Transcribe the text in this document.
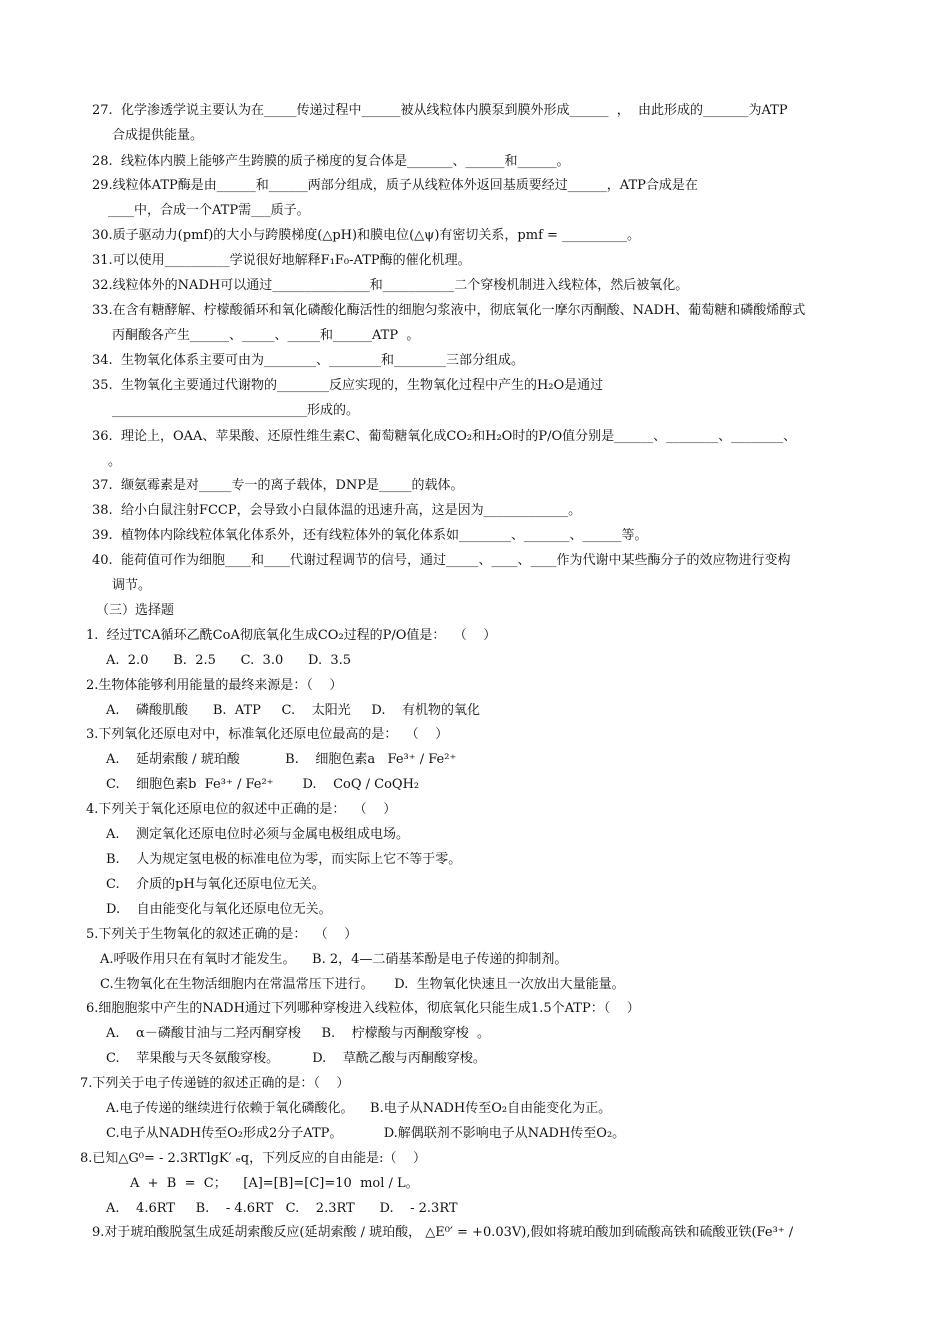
27.  化学渗透学说主要认为在_____传递过程中______被从线粒体内膜泵到膜外形成______  ，  由此形成的_______为ATP
合成提供能量。
28.  线粒体内膜上能够产生跨膜的质子梯度的复合体是_______、______和______。
29.线粒体ATP酶是由______和______两部分组成，质子从线粒体外返回基质要经过______，ATP合成是在
____中，合成一个ATP需___质子。
30.质子驱动力(pmf)的大小与跨膜梯度(△pH)和膜电位(△ψ)有密切关系，pmf = __________。
31.可以使用__________学说很好地解释F₁F₀-ATP酶的催化机理。
32.线粒体外的NADH可以通过_______________和___________二个穿梭机制进入线粒体，然后被氧化。
33.在含有糖酵解、柠檬酸循环和氧化磷酸化酶活性的细胞匀浆液中，彻底氧化一摩尔丙酮酸、NADH、葡萄糖和磷酸烯醇式
丙酮酸各产生______、_____、_____和______ATP  。
34.  生物氧化体系主要可由为________、________和________三部分组成。
35.  生物氧化主要通过代谢物的________反应实现的，生物氧化过程中产生的H₂O是通过
______________________________形成的。
36.  理论上，OAA、苹果酸、还原性维生素C、葡萄糖氧化成CO₂和H₂O时的P/O值分别是______、________、________、
。
37.  缬氨霉素是对_____专一的离子载体，DNP是_____的载体。
38.  给小白鼠注射FCCP，会导致小白鼠体温的迅速升高，这是因为_____________。
39.  植物体内除线粒体氧化体系外，还有线粒体外的氧化体系如________、_______、______等。
40.  能荷值可作为细胞____和____代谢过程调节的信号，通过_____、____、____作为代谢中某些酶分子的效应物进行变构
调节。
（三）选择题
1.  经过TCA循环乙酰CoA彻底氧化生成CO₂过程的P/O值是：  （    ）
A.  2.0      B.  2.5      C.  3.0      D.  3.5
2.生物体能够利用能量的最终来源是：（    ）
A.    磷酸肌酸      B.  ATP     C.    太阳光     D.    有机物的氧化
3.下列氧化还原电对中，标准氧化还原电位最高的是：  （    ）
A.    延胡索酸 / 琥珀酸           B.    细胞色素a   Fe³⁺ / Fe²⁺
C.    细胞色素b  Fe³⁺ / Fe²⁺       D.    CoQ / CoQH₂
4.下列关于氧化还原电位的叙述中正确的是：  （    ）
A.    测定氧化还原电位时必须与金属电极组成电场。
B.    人为规定氢电极的标准电位为零，而实际上它不等于零。
C.    介质的pH与氧化还原电位无关。
D.    自由能变化与氧化还原电位无关。
5.下列关于生物氧化的叙述正确的是：  （    ）
A.呼吸作用只在有氧时才能发生。    B. 2，4—二硝基苯酚是电子传递的抑制剂。
C.生物氧化在生物活细胞内在常温常压下进行。     D.  生物氧化快速且一次放出大量能量。
6.细胞胞浆中产生的NADH通过下列哪种穿梭进入线粒体，彻底氧化只能生成1.5个ATP：（    ）
A.    α－磷酸甘油与二羟丙酮穿梭     B.    柠檬酸与丙酮酸穿梭  。
C.    苹果酸与天冬氨酸穿梭。        D.    草酰乙酸与丙酮酸穿梭。
7.下列关于电子传递链的叙述正确的是：（    ）
A.电子传递的继续进行依赖于氧化磷酸化。    B.电子从NADH传至O₂自由能变化为正。
C.电子从NADH传至O₂形成2分子ATP。          D.解偶联剂不影响电子从NADH传至O₂。
8.已知△G⁰= - 2.3RTlgK′ ₑq，下列反应的自由能是:（    ）
A  +  B  =  C；    [A]=[B]=[C]=10  mol / L。
A.    4.6RT     B.    - 4.6RT   C.    2.3RT      D.    - 2.3RT
9.对于琥珀酸脱氢生成延胡索酸反应(延胡索酸 / 琥珀酸， △E⁰′ = +0.03V),假如将琥珀酸加到硫酸高铁和硫酸亚铁(Fe³⁺ /
